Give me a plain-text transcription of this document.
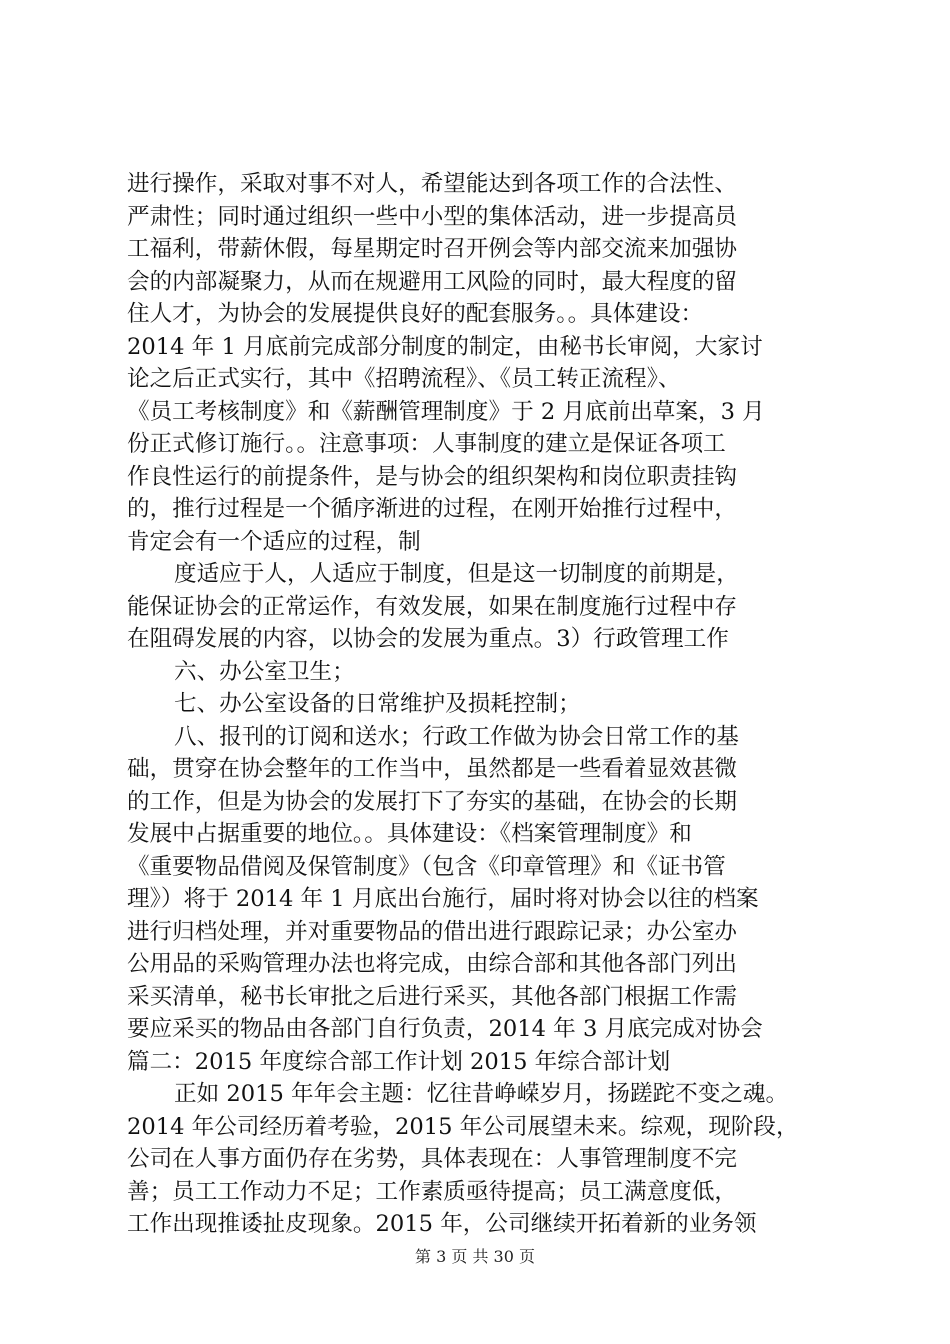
进行操作，采取对事不对人，希望能达到各项工作的合法性、
严肃性；同时通过组织一些中小型的集体活动，进一步提高员
工福利，带薪休假，每星期定时召开例会等内部交流来加强协
会的内部凝聚力，从而在规避用工风险的同时，最大程度的留
住人才，为协会的发展提供良好的配套服务。。具体建设：
2014 年 1 月底前完成部分制度的制定，由秘书长审阅，大家讨
论之后正式实行，其中《招聘流程》、《员工转正流程》、
《员工考核制度》和《薪酬管理制度》于 2 月底前出草案，3 月
份正式修订施行。。注意事项：人事制度的建立是保证各项工
作良性运行的前提条件，是与协会的组织架构和岗位职责挂钩
的，推行过程是一个循序渐进的过程，在刚开始推行过程中，
肯定会有一个适应的过程，制
度适应于人，人适应于制度，但是这一切制度的前期是，
能保证协会的正常运作，有效发展，如果在制度施行过程中存
在阻碍发展的内容，以协会的发展为重点。3）行政管理工作
六、办公室卫生；
七、办公室设备的日常维护及损耗控制；
八、报刊的订阅和送水；行政工作做为协会日常工作的基
础，贯穿在协会整年的工作当中，虽然都是一些看着显效甚微
的工作，但是为协会的发展打下了夯实的基础，在协会的长期
发展中占据重要的地位。。具体建设：《档案管理制度》和
《重要物品借阅及保管制度》（包含《印章管理》和《证书管
理》）将于 2014 年 1 月底出台施行，届时将对协会以往的档案
进行归档处理，并对重要物品的借出进行跟踪记录；办公室办
公用品的采购管理办法也将完成，由综合部和其他各部门列出
采买清单，秘书长审批之后进行采买，其他各部门根据工作需
要应采买的物品由各部门自行负责，2014 年 3 月底完成对协会
篇二：2015 年度综合部工作计划 2015 年综合部计划
正如 2015 年年会主题：忆往昔峥嵘岁月，扬蹉跎不变之魂。
2014 年公司经历着考验，2015 年公司展望未来。综观，现阶段，
公司在人事方面仍存在劣势，具体表现在：人事管理制度不完
善；员工工作动力不足；工作素质亟待提高；员工满意度低，
工作出现推诿扯皮现象。2015 年，公司继续开拓着新的业务领
第 3 页 共 30 页
